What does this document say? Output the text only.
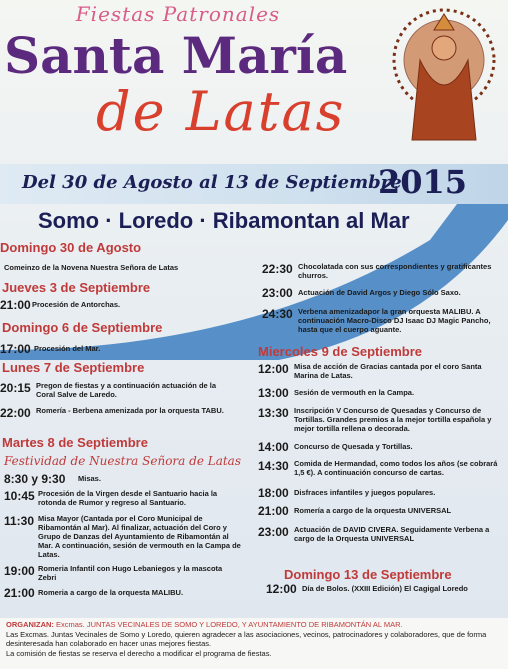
Fiestas Patronales
Santa María
de Latas
Del 30 de Agosto al 13 de Septiembre
2015
Somo · Loredo · Ribamontan al Mar
Domingo 30 de Agosto
Comeinzo de la Novena Nuestra Señora de Latas
Jueves 3 de Septiembre
21:00 Procesión de Antorchas.
Domingo 6 de Septiembre
17:00 Procesión del Mar.
Lunes 7 de Septiembre
20:15 Pregon de fiestas y a continuación actuación de la Coral Salve de Laredo.
22:00 Romería - Berbena amenizada por la orquesta TABU.
Martes 8 de Septiembre
Festividad de Nuestra Señora de Latas
8:30 y 9:30	Misas.
10:45 Procesión de la Virgen desde el Santuario hacia la rotonda de Rumor y regreso al Santuario.
11:30 Misa Mayor (Cantada por el Coro Municipal de Ribamontán al Mar). Al finalizar, actuación del Coro y Grupo de Danzas del Ayuntamiento de Ribamontán al Mar. A continuación, sesión de vermouth en la Campa de Latas.
19:00 Romeria Infantil con Hugo Lebaniegos y la mascota Zebri
21:00 Romeria a cargo de la orquesta MALIBU.
22:30 Chocolatada con sus correspondientes y gratificantes churros.
23:00 Actuación de David Argos y Diego Sólo Saxo.
24:30 Verbena amenizadapor la gran orquesta MALIBU. A continuación Macro-Disco DJ Isaac DJ Magic Pancho, hasta que el cuerpo aguante.
Miercoles 9 de Septiembre
12:00 Misa de acción de Gracias cantada por el coro Santa Marina de Latas.
13:00 Sesión de vermouth en la Campa.
13:30 Inscripción V Concurso de Quesadas y Concurso de Tortillas. Grandes premios a la mejor tortilla española y mejor tortilla rellena o decorada.
14:00 Concurso de Quesada y Tortillas.
14:30 Comida de Hermandad, como todos los años (se cobrará 1,5 €). A continuación concurso de cartas.
18:00 Disfraces infantiles y juegos populares.
21:00 Romería a cargo de la orquesta UNIVERSAL
23:00 Actuación de DAVID CIVERA. Seguidamente Verbena a cargo de la Orquesta UNIVERSAL
Domingo 13 de Septiembre
12:00 Día de Bolos. (XXIII Edición) El Cagigal Loredo
ORGANIZAN: Excmas. JUNTAS VECINALES DE SOMO Y LOREDO, Y AYUNTAMIENTO DE RIBAMONTÁN AL MAR.
Las Excmas. Juntas Vecinales de Somo y Loredo, quieren agradecer a las asociaciones, vecinos, patrocinadores y colaboradores, que de forma desinteresada han colaborado en hacer unas mejores fiestas.
La comisión de fiestas se reserva el derecho a modificar el programa de fiestas.
